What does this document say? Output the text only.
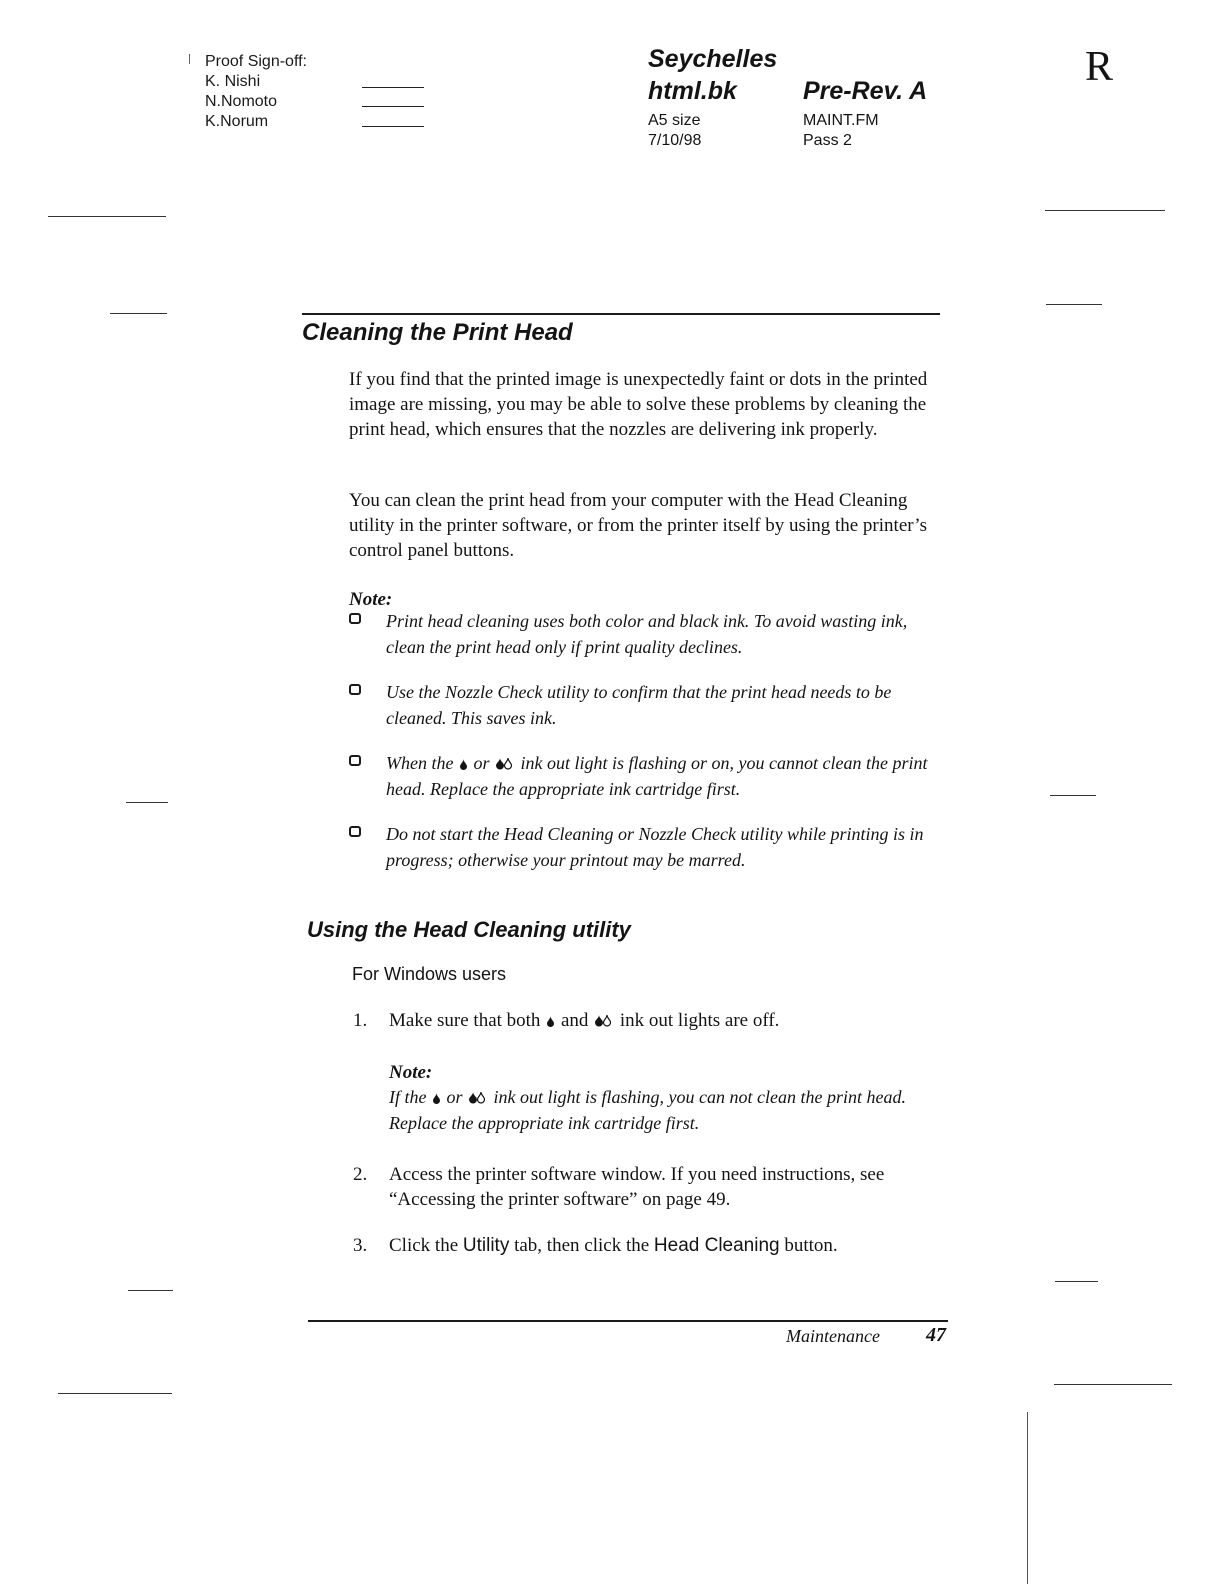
Proof Sign-off:
K. Nishi
N.Nomoto
K.Norum
Seychelles
html.bk	Pre-Rev. A
A5 size
7/10/98
MAINT.FM
Pass 2
R
Cleaning the Print Head
If you find that the printed image is unexpectedly faint or dots in the printed image are missing, you may be able to solve these problems by cleaning the print head, which ensures that the nozzles are delivering ink properly.
You can clean the print head from your computer with the Head Cleaning utility in the printer software, or from the printer itself by using the printer’s control panel buttons.
Note:
Print head cleaning uses both color and black ink. To avoid wasting ink, clean the print head only if print quality declines.
Use the Nozzle Check utility to confirm that the print head needs to be cleaned. This saves ink.
When the or ink out light is flashing or on, you cannot clean the print head. Replace the appropriate ink cartridge first.
Do not start the Head Cleaning or Nozzle Check utility while printing is in progress; otherwise your printout may be marred.
Using the Head Cleaning utility
For Windows users
1.	Make sure that both and ink out lights are off.
Note:
If the or ink out light is flashing, you can not clean the print head. Replace the appropriate ink cartridge first.
2.	Access the printer software window. If you need instructions, see “Accessing the printer software” on page 49.
3.	Click the Utility tab, then click the Head Cleaning button.
Maintenance 47
